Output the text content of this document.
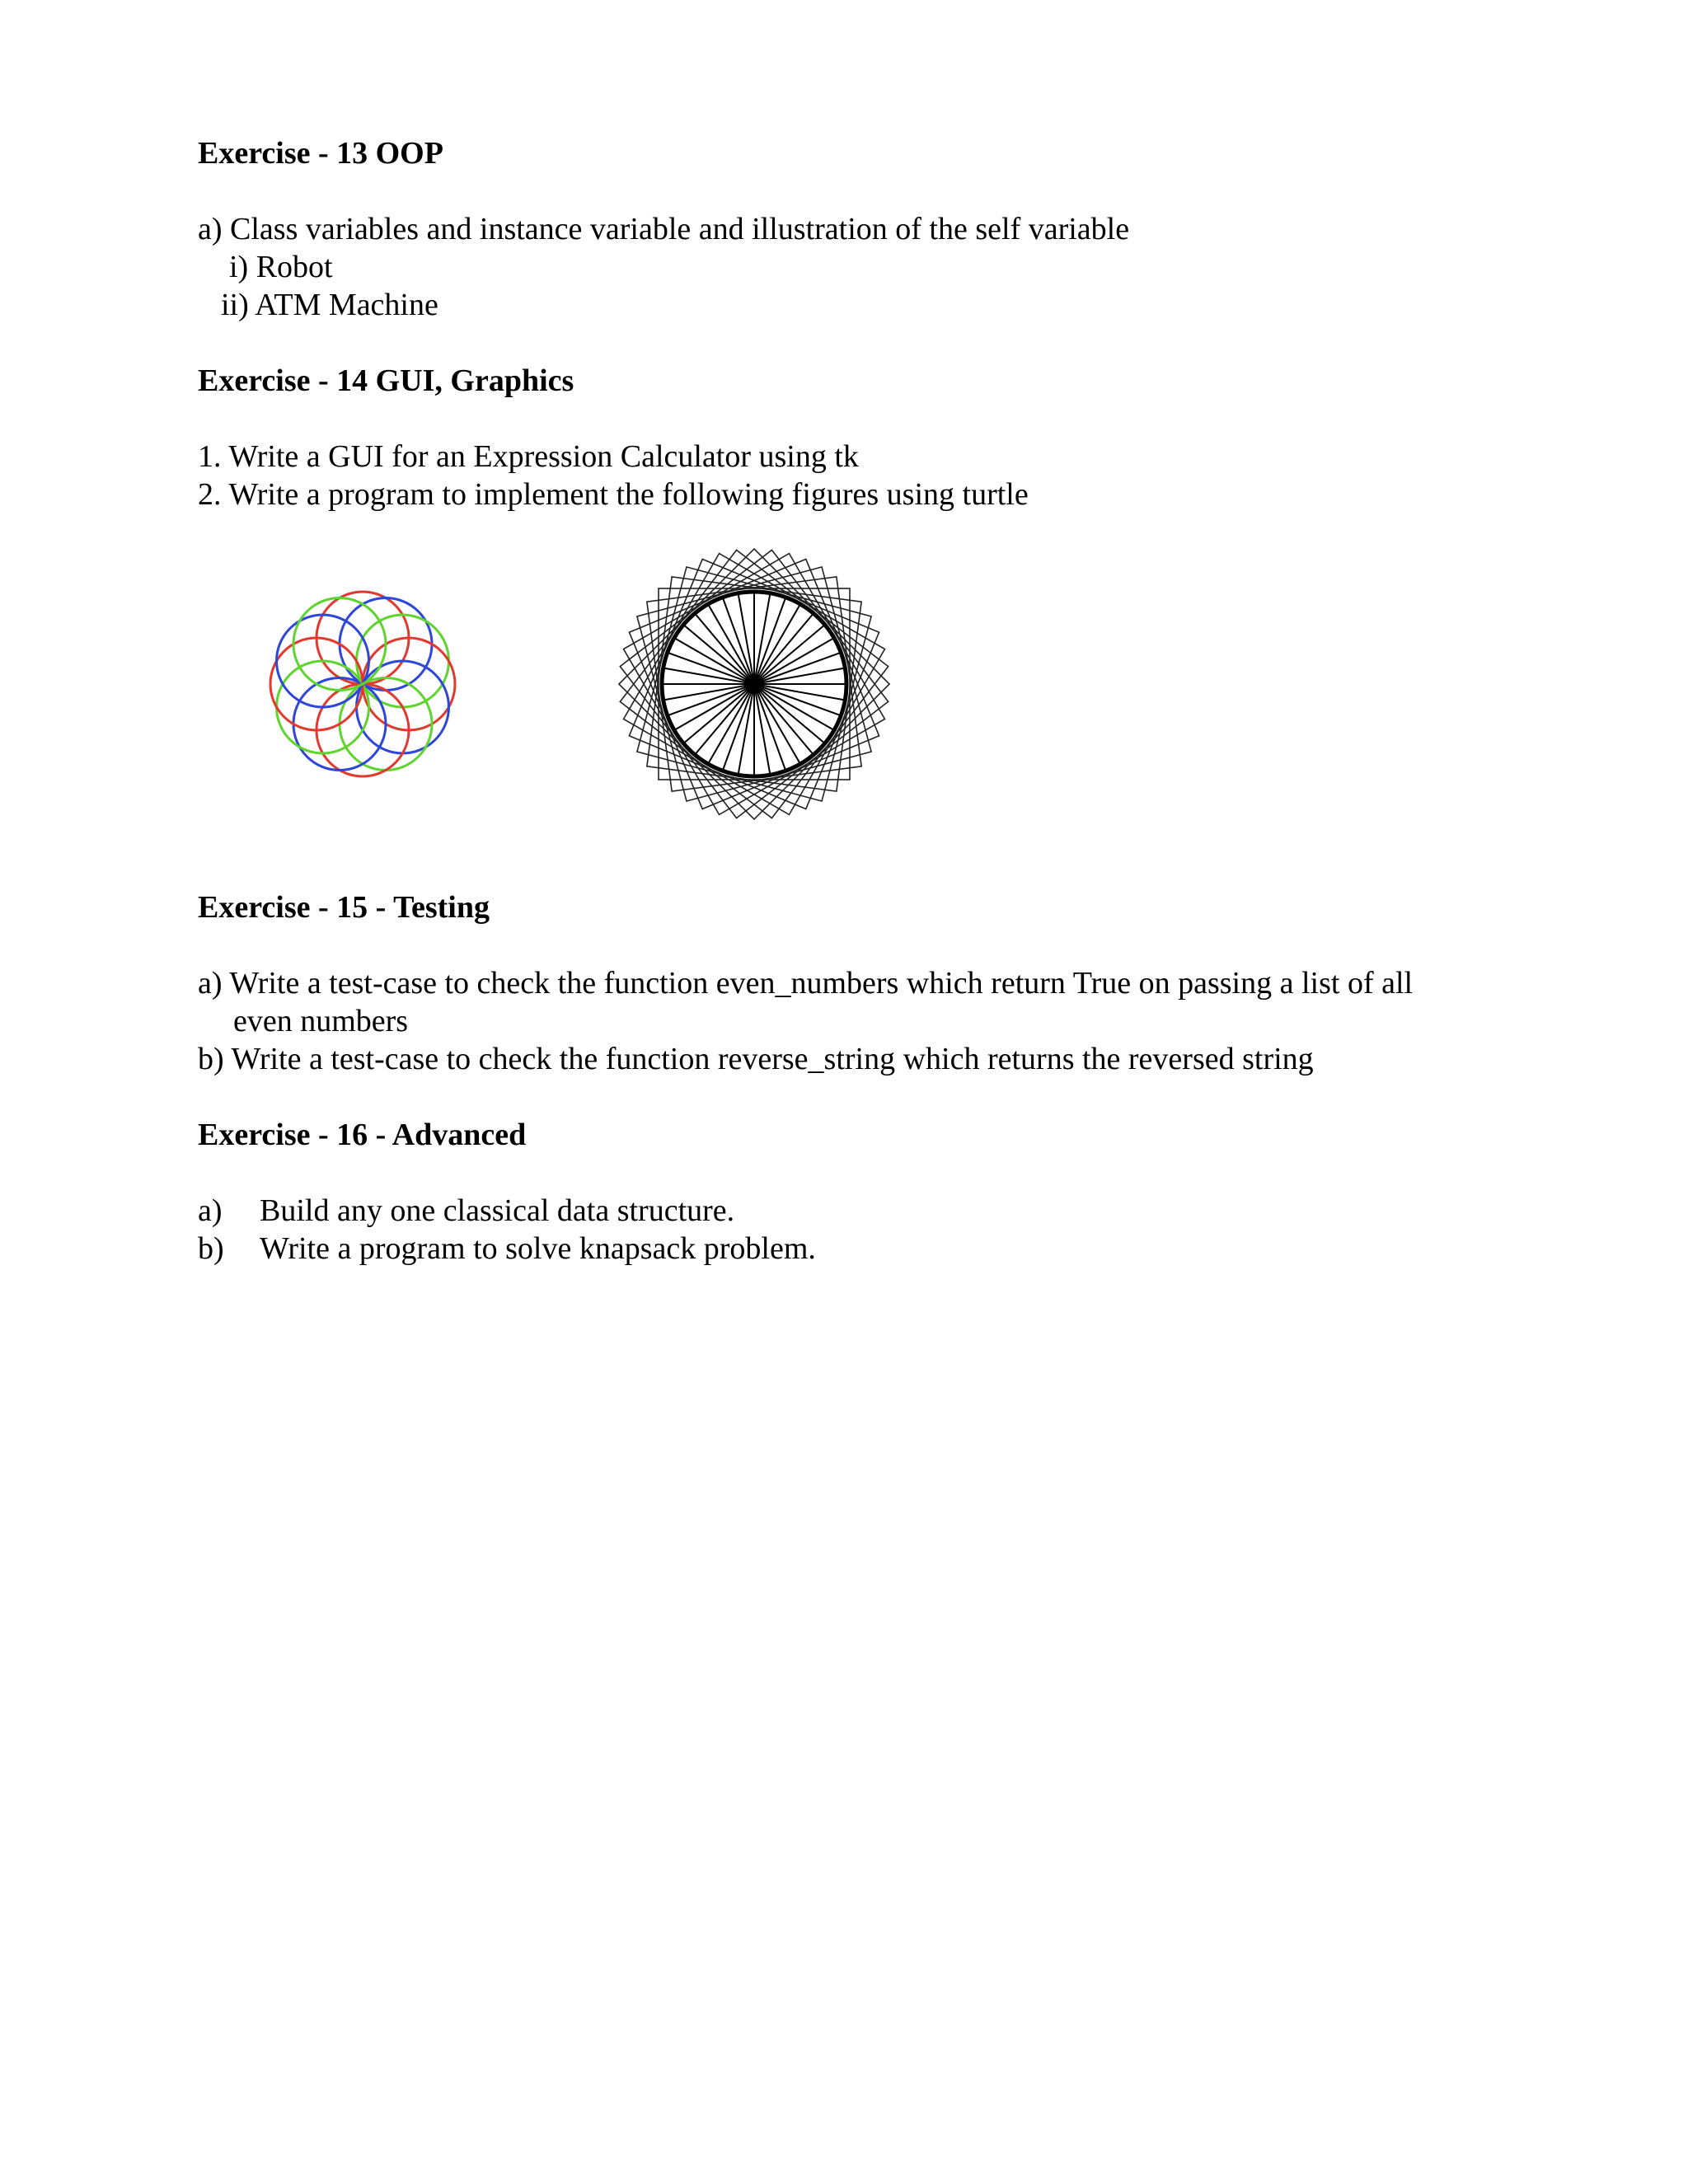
Exercise - 13 OOP
a) Class variables and instance variable and illustration of the self variable
i) Robot
ii) ATM Machine
Exercise - 14 GUI, Graphics
1. Write a GUI for an Expression Calculator using tk
2. Write a program to implement the following figures using turtle
Exercise - 15 - Testing
a) Write a test-case to check the function even_numbers which return True on passing a list of all
even numbers
b) Write a test-case to check the function reverse_string which returns the reversed string
Exercise - 16 - Advanced
a) Build any one classical data structure.
b) Write a program to solve knapsack problem.
